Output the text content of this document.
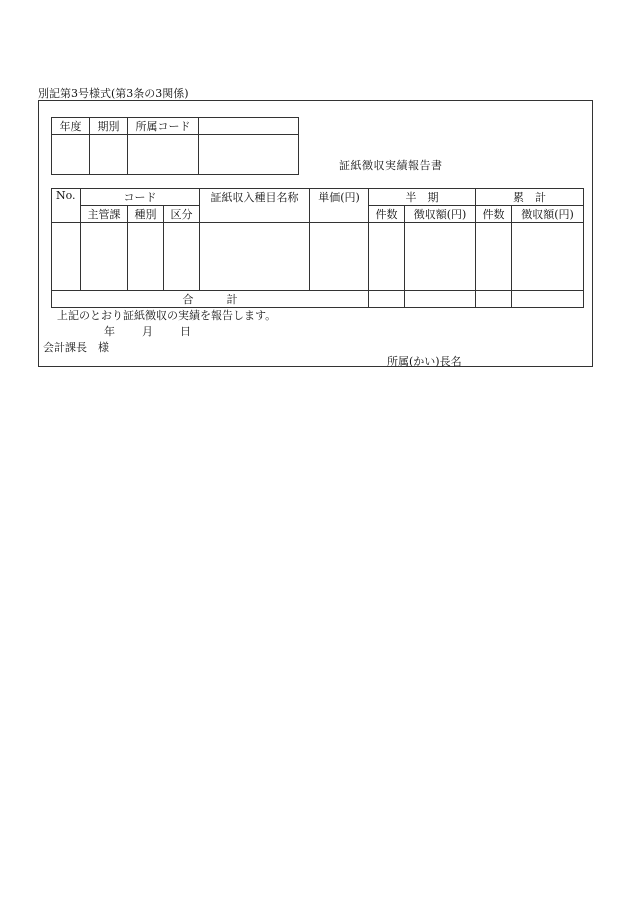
別記第3号様式(第3条の3関係)
年度	期別	所属コード	

証紙徴収実績報告書
No.	コード			証紙収入種目名称	単価(円)	半　期		累　計	
	主管課	種別	区分			件数	徴収額(円)	件数	徴収額(円)

合　　　計									
上記のとおり証紙徴収の実績を報告します。
年 月 日
会計課長　様
所属(かい)長名
